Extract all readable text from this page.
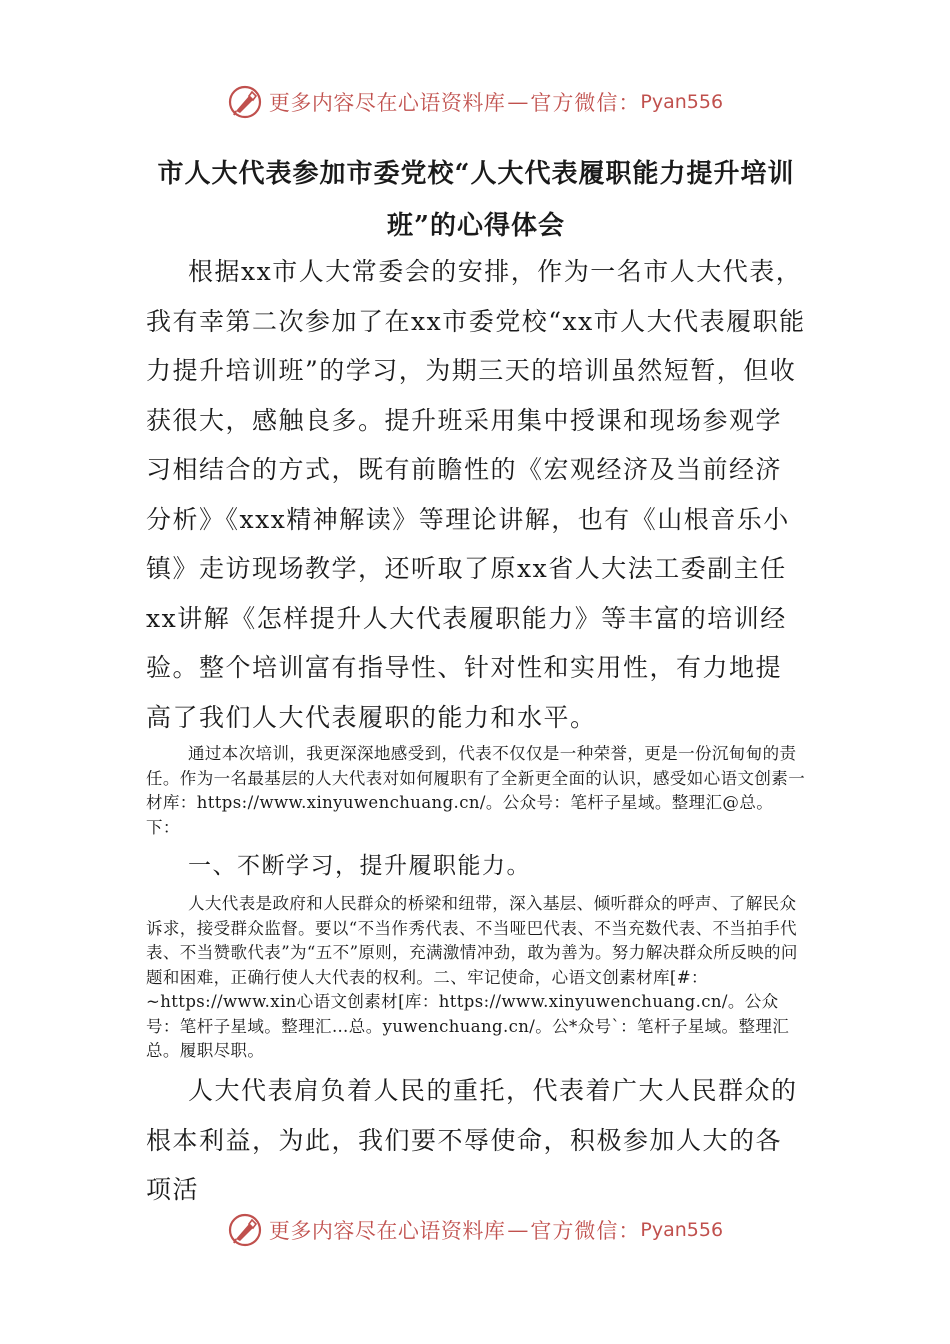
更多内容尽在心语资料库 — 官方微信： Pyan556
市人大代表参加市委党校“人大代表履职能力提升培训班”的心得体会

根据xx市人大常委会的安排，作为一名市人大代表，我有幸第二次参加了在xx市委党校“xx市人大代表履职能力提升培训班”的学习，为期三天的培训虽然短暂，但收获很大，感触良多。提升班采用集中授课和现场参观学习相结合的方式，既有前瞻性的《宏观经济及当前经济分析》《xxx精神解读》等理论讲解，也有《山根音乐小镇》走访现场教学，还听取了原xx省人大法工委副主任xx讲解《怎样提升人大代表履职能力》等丰富的培训经验。整个培训富有指导性、针对性和实用性，有力地提高了我们人大代表履职的能力和水平。

通过本次培训，我更深深地感受到，代表不仅仅是一种荣誉，更是一份沉甸甸的责任。作为一名最基层的人大代表对如何履职有了全新更全面的认识，感受如心语文创素一材库：https://www.xinyuwenchuang.cn/。公众号：笔杆子星域。整理汇@总。下：

一、不断学习，提升履职能力。

人大代表是政府和人民群众的桥梁和纽带，深入基层、倾听群众的呼声、了解民众诉求，接受群众监督。要以“不当作秀代表、不当哑巴代表、不当充数代表、不当拍手代表、不当赞歌代表”为“五不”原则，充满激情冲劲，敢为善为。努力解决群众所反映的问题和困难，正确行使人大代表的权利。二、牢记使命，心语文创素材库[#：~https://www.xin心语文创素材[库：https://www.xinyuwenchuang.cn/。公众号：笔杆子星域。整理汇…总。yuwenchuang.cn/。公*众号`：笔杆子星域。整理汇总。履职尽职。

人大代表肩负着人民的重托，代表着广大人民群众的根本利益，为此，我们要不辱使命，积极参加人大的各项活

更多内容尽在心语资料库 — 官方微信： Pyan556
